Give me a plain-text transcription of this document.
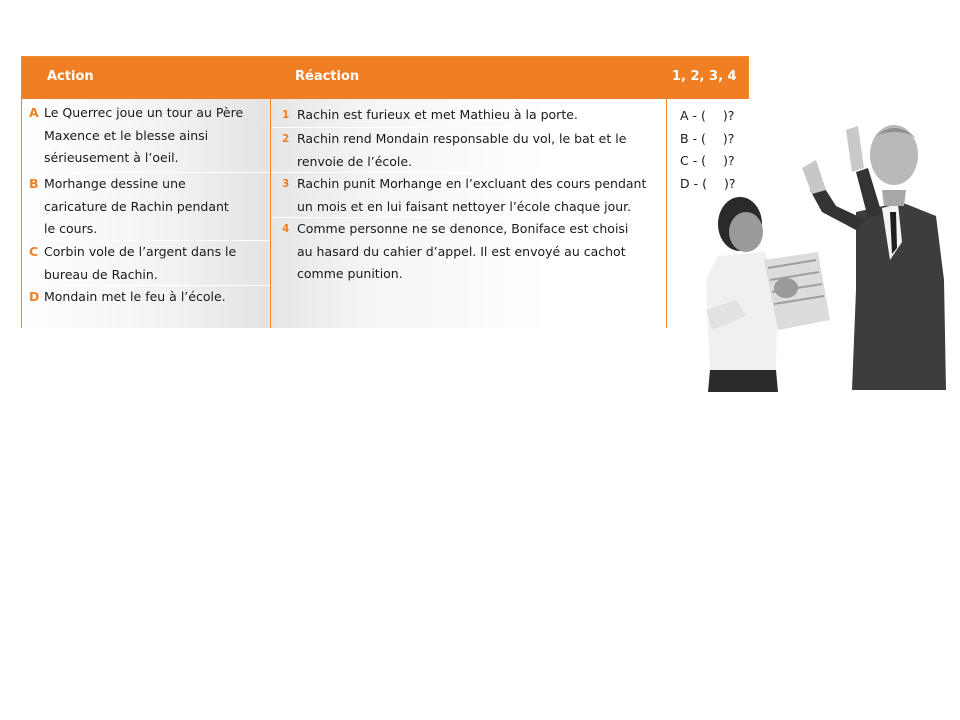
Action	Réaction	1, 2, 3, 4
A Le Querrec joue un tour au Père
Maxence et le blesse ainsi
sérieusement à l’oeil.
B Morhange dessine une
caricature de Rachin pendant
le cours.
C Corbin vole de l’argent dans le
bureau de Rachin.
D Mondain met le feu à l’école.
1 Rachin est furieux et met Mathieu à la porte.
2 Rachin rend Mondain responsable du vol, le bat et le
renvoie de l’école.
3 Rachin punit Morhange en l’excluant des cours pendant
un mois et en lui faisant nettoyer l’école chaque jour.
4 Comme personne ne se denonce, Boniface est choisi
au hasard du cahier d’appel. Il est envoyé au cachot
comme punition.
A - ( )?
B - ( )?
C - ( )?
D - ( )?
